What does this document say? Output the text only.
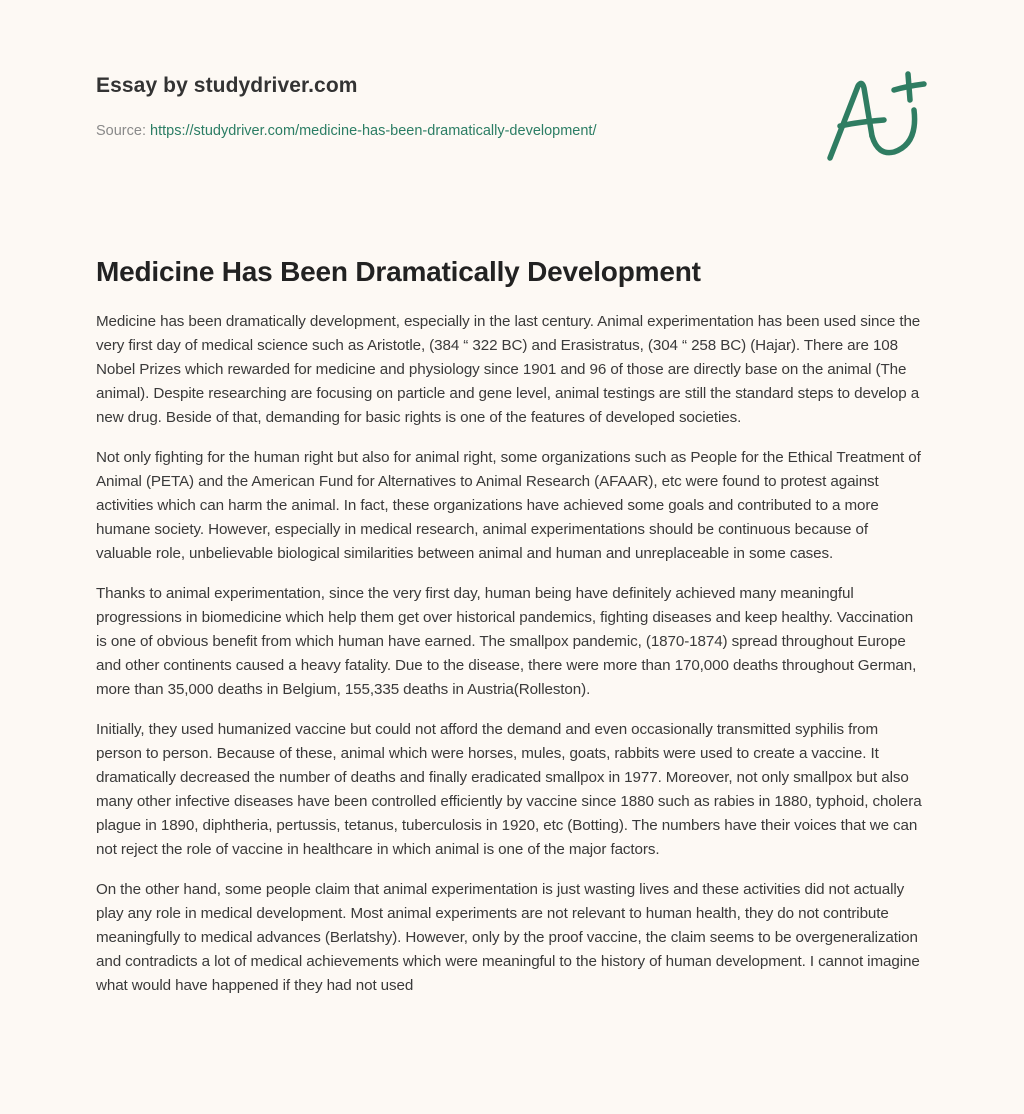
Essay by studydriver.com
Source: https://studydriver.com/medicine-has-been-dramatically-development/
Medicine Has Been Dramatically Development

Medicine has been dramatically development, especially in the last century. Animal experimentation has been used since the very first day of medical science such as Aristotle, (384 “ 322 BC) and Erasistratus, (304 “ 258 BC) (Hajar). There are 108 Nobel Prizes which rewarded for medicine and physiology since 1901 and 96 of those are directly base on the animal (The animal). Despite researching are focusing on particle and gene level, animal testings are still the standard steps to develop a new drug. Beside of that, demanding for basic rights is one of the features of developed societies.

Not only fighting for the human right but also for animal right, some organizations such as People for the Ethical Treatment of Animal (PETA) and the American Fund for Alternatives to Animal Research (AFAAR), etc were found to protest against activities which can harm the animal. In fact, these organizations have achieved some goals and contributed to a more humane society. However, especially in medical research, animal experimentations should be continuous because of valuable role, unbelievable biological similarities between animal and human and unreplaceable in some cases.

Thanks to animal experimentation, since the very first day, human being have definitely achieved many meaningful progressions in biomedicine which help them get over historical pandemics, fighting diseases and keep healthy. Vaccination is one of obvious benefit from which human have earned. The smallpox pandemic, (1870-1874) spread throughout Europe and other continents caused a heavy fatality. Due to the disease, there were more than 170,000 deaths throughout German, more than 35,000 deaths in Belgium, 155,335 deaths in Austria(Rolleston).

Initially, they used humanized vaccine but could not afford the demand and even occasionally transmitted syphilis from person to person. Because of these, animal which were horses, mules, goats, rabbits were used to create a vaccine. It dramatically decreased the number of deaths and finally eradicated smallpox in 1977. Moreover, not only smallpox but also many other infective diseases have been controlled efficiently by vaccine since 1880 such as rabies in 1880, typhoid, cholera plague in 1890, diphtheria, pertussis, tetanus, tuberculosis in 1920, etc (Botting). The numbers have their voices that we can not reject the role of vaccine in healthcare in which animal is one of the major factors.

On the other hand, some people claim that animal experimentation is just wasting lives and these activities did not actually play any role in medical development. Most animal experiments are not relevant to human health, they do not contribute meaningfully to medical advances (Berlatshy). However, only by the proof vaccine, the claim seems to be overgeneralization and contradicts a lot of medical achievements which were meaningful to the history of human development. I cannot imagine what would have happened if they had not used
